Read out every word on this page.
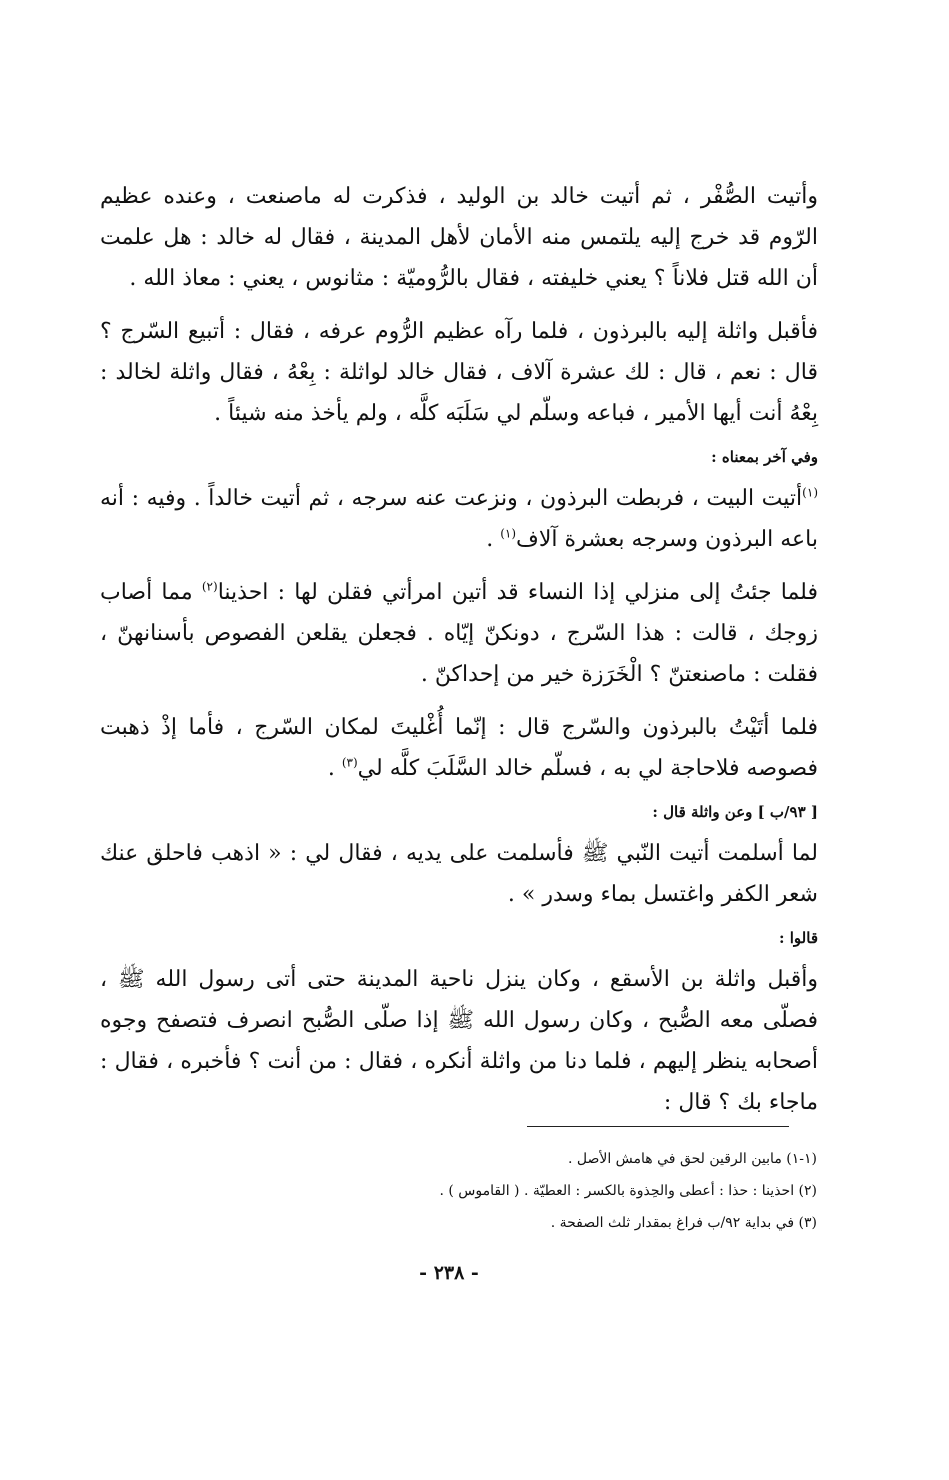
وأتيت الصُّفْر ، ثم أتيت خالد بن الوليد ، فذكرت له ماصنعت ، وعنده عظيم الرّوم قد خرج إليه يلتمس منه الأمان لأهل المدينة ، فقال له خالد : هل علمت أن الله قتل فلاناً ؟ يعني خليفته ، فقال بالرُّوميّة : مثانوس ، يعني : معاذ الله .

فأقبل واثلة إليه بالبرذون ، فلما رآه عظيم الرُّوم عرفه ، فقال : أتبيع السّرج ؟ قال : نعم ، قال : لك عشرة آلاف ، فقال خالد لواثلة : بِعْهُ ، فقال واثلة لخالد : بِعْهُ أنت أيها الأمير ، فباعه وسلّم لي سَلَبَه كلَّه ، ولم يأخذ منه شيئاً .

وفي آخر بمعناه :

$^{(١)}$أتيت البيت ، فربطت البرذون ، ونزعت عنه سرجه ، ثم أتيت خالداً . وفيه : أنه باعه البرذون وسرجه بعشرة آلاف$^{(١)}$ .

فلما جئتُ إلى منزلي إذا النساء قد أتين امرأتي فقلن لها : احذينا$^{(٢)}$ مما أصاب زوجك ، قالت : هذا السّرج ، دونكنّ إيّاه . فجعلن يقلعن الفصوص بأسنانهنّ ، فقلت : ماصنعتنّ ؟ الْخَرَزة خير من إحداكنّ .

فلما أتَيْتُ بالبرذون والسّرج قال : إنّما أُغْليتَ لمكان السّرج ، فأما إذْ ذهبت فصوصه فلاحاجة لي به ، فسلّم خالد السَّلَبَ كلَّه لي$^{(٣)}$ .

[ ٩٣/ب ] وعن واثلة قال :

لما أسلمت أتيت النّبي ﷺ فأسلمت على يديه ، فقال لي : « اذهب فاحلق عنك شعر الكفر واغتسل بماء وسدر » .

قالوا :

وأقبل واثلة بن الأسقع ، وكان ينزل ناحية المدينة حتى أتى رسول الله ﷺ ، فصلّى معه الصُّبح ، وكان رسول الله ﷺ إذا صلّى الصُّبح انصرف فتصفح وجوه أصحابه ينظر إليهم ، فلما دنا من واثلة أنكره ، فقال : من أنت ؟ فأخبره ، فقال : ماجاء بك ؟ قال :

(١-١) مابين الرقين لحق في هامش الأصل .

(٢) احذينا : حذا : أعطى والحِذوة بالكسر : العطيّة . ( القاموس ) .

(٣) في بداية ٩٢/ب فراغ بمقدار ثلث الصفحة .

- ٢٣٨ -
